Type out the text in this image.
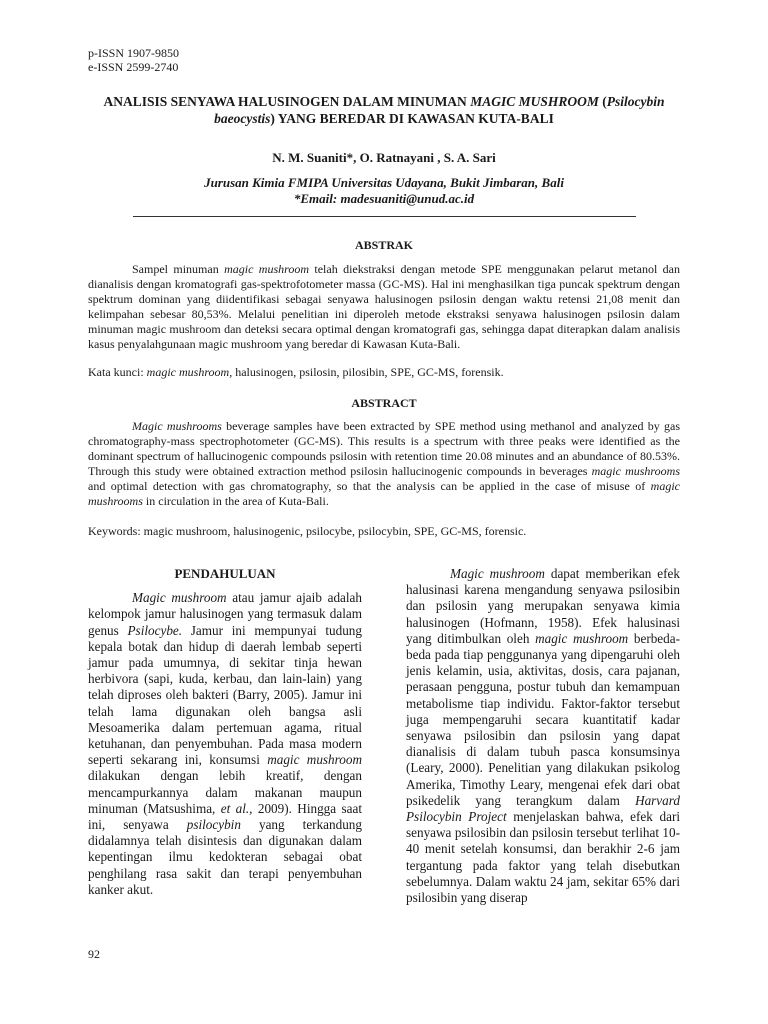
p-ISSN 1907-9850
e-ISSN 2599-2740
ANALISIS SENYAWA HALUSINOGEN DALAM MINUMAN MAGIC MUSHROOM (Psilocybin baeocystis) YANG BEREDAR DI KAWASAN KUTA-BALI
N. M. Suaniti*, O. Ratnayani , S. A. Sari
Jurusan Kimia FMIPA Universitas Udayana, Bukit Jimbaran, Bali
*Email: madesuaniti@unud.ac.id
ABSTRAK

Sampel minuman magic mushroom telah diekstraksi dengan metode SPE menggunakan pelarut metanol dan dianalisis dengan kromatografi gas-spektrofotometer massa (GC-MS). Hal ini menghasilkan tiga puncak spektrum dengan spektrum dominan yang diidentifikasi sebagai senyawa halusinogen psilosin dengan waktu retensi 21,08 menit dan kelimpahan sebesar 80,53%. Melalui penelitian ini diperoleh metode ekstraksi senyawa halusinogen psilosin dalam minuman magic mushroom dan deteksi secara optimal dengan kromatografi gas, sehingga dapat diterapkan dalam analisis kasus penyalahgunaan magic mushroom yang beredar di Kawasan Kuta-Bali.

Kata kunci: magic mushroom, halusinogen, psilosin, pilosibin, SPE, GC-MS, forensik.
ABSTRACT

Magic mushrooms beverage samples have been extracted by SPE method using methanol and analyzed by gas chromatography-mass spectrophotometer (GC-MS). This results is a spectrum with three peaks were identified as the dominant spectrum of hallucinogenic compounds psilosin with retention time 20.08 minutes and an abundance of 80.53%. Through this study were obtained extraction method psilosin hallucinogenic compounds in beverages magic mushrooms and optimal detection with gas chromatography, so that the analysis can be applied in the case of misuse of magic mushrooms in circulation in the area of Kuta-Bali.

Keywords: magic mushroom, halusinogenic, psilocybe, psilocybin, SPE, GC-MS, forensic.
PENDAHULUAN

Magic mushroom atau jamur ajaib adalah kelompok jamur halusinogen yang termasuk dalam genus Psilocybe. Jamur ini mempunyai tudung kepala botak dan hidup di daerah lembab seperti jamur pada umumnya, di sekitar tinja hewan herbivora (sapi, kuda, kerbau, dan lain-lain) yang telah diproses oleh bakteri (Barry, 2005). Jamur ini telah lama digunakan oleh bangsa asli Mesoamerika dalam pertemuan agama, ritual ketuhanan, dan penyembuhan. Pada masa modern seperti sekarang ini, konsumsi magic mushroom dilakukan dengan lebih kreatif, dengan mencampurkannya dalam makanan maupun minuman (Matsushima, et al., 2009). Hingga saat ini, senyawa psilocybin yang terkandung didalamnya telah disintesis dan digunakan dalam kepentingan ilmu kedokteran sebagai obat penghilang rasa sakit dan terapi penyembuhan kanker akut.

Magic mushroom dapat memberikan efek halusinasi karena mengandung senyawa psilosibin dan psilosin yang merupakan senyawa kimia halusinogen (Hofmann, 1958). Efek halusinasi yang ditimbulkan oleh magic mushroom berbeda-beda pada tiap penggunanya yang dipengaruhi oleh jenis kelamin, usia, aktivitas, dosis, cara pajanan, perasaan pengguna, postur tubuh dan kemampuan metabolisme tiap individu. Faktor-faktor tersebut juga mempengaruhi secara kuantitatif kadar senyawa psilosibin dan psilosin yang dapat dianalisis di dalam tubuh pasca konsumsinya (Leary, 2000). Penelitian yang dilakukan psikolog Amerika, Timothy Leary, mengenai efek dari obat psikedelik yang terangkum dalam Harvard Psilocybin Project menjelaskan bahwa, efek dari senyawa psilosibin dan psilosin tersebut terlihat 10-40 menit setelah konsumsi, dan berakhir 2-6 jam tergantung pada faktor yang telah disebutkan sebelumnya. Dalam waktu 24 jam, sekitar 65% dari psilosibin yang diserap

92
